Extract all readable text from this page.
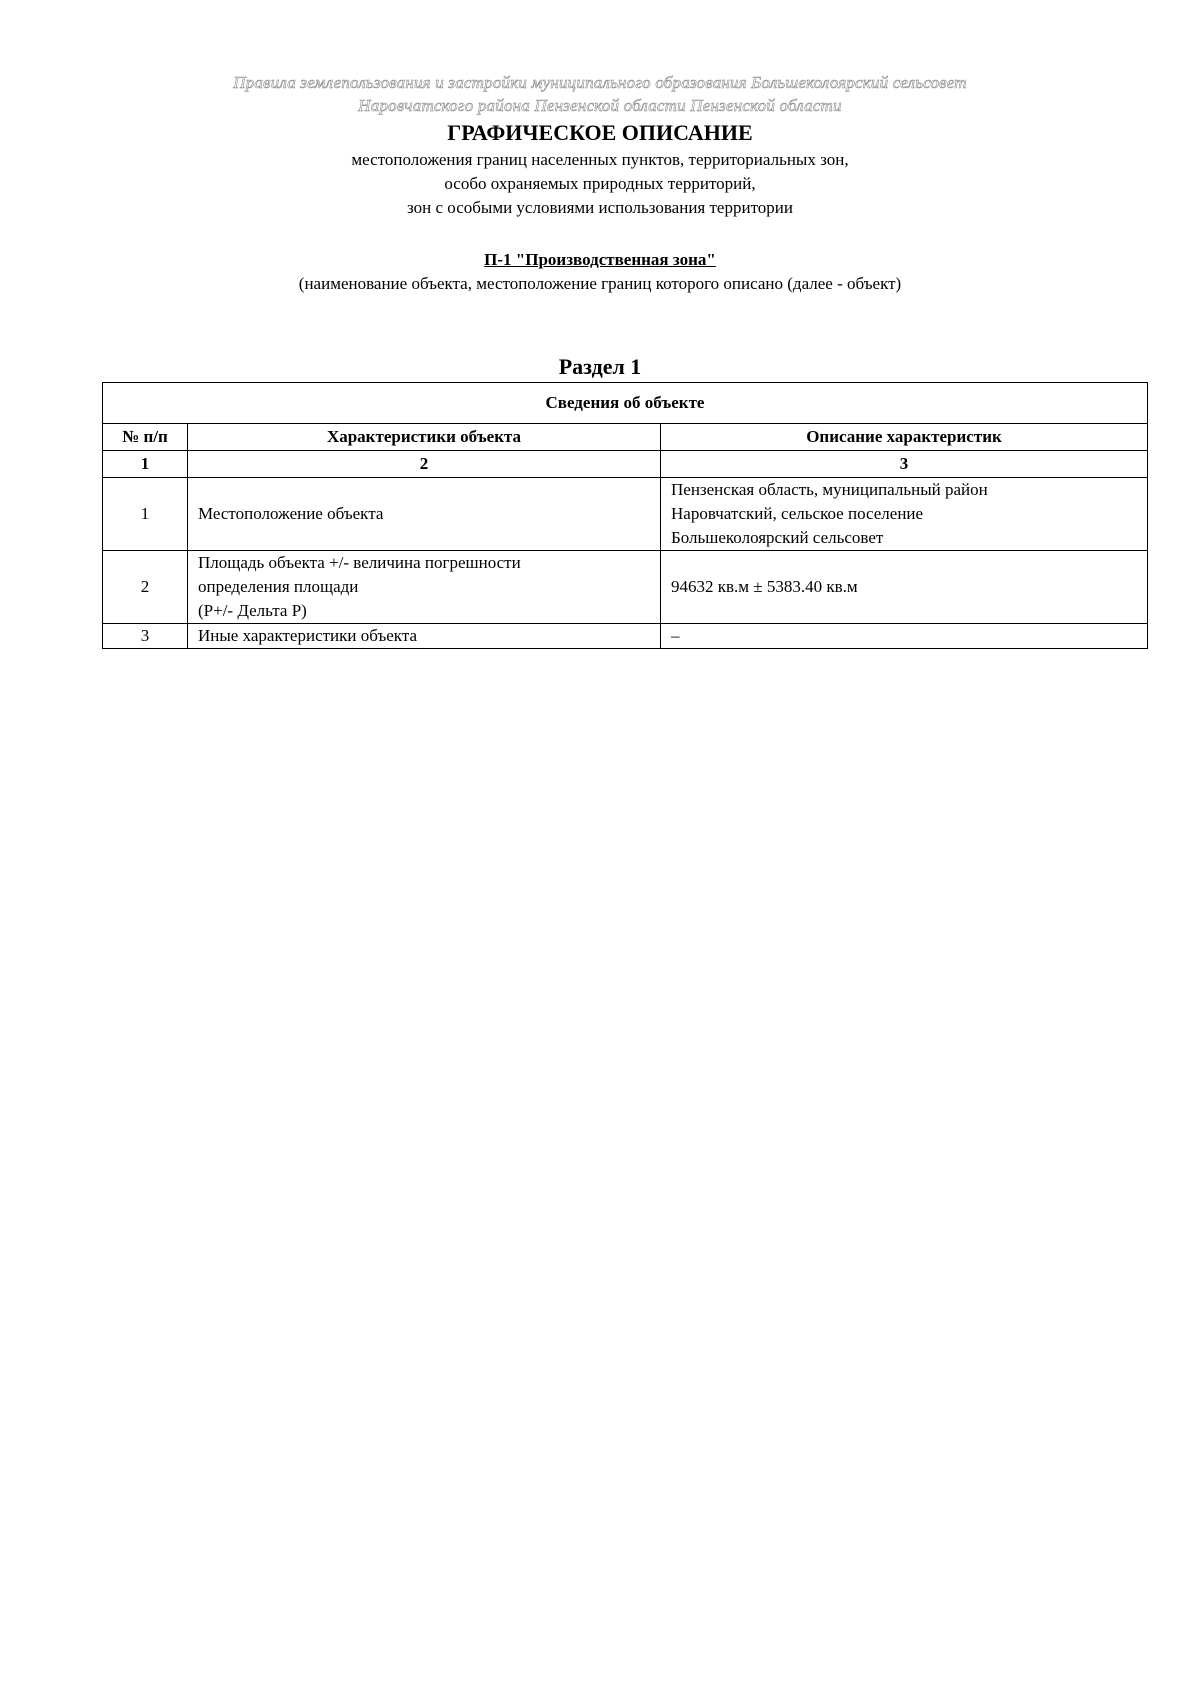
Правила землепользования и застройки муниципального образования Большеколоярский сельсовет
Наровчатского района Пензенской области Пензенской области
ГРАФИЧЕСКОЕ ОПИСАНИЕ
местоположения границ населенных пунктов, территориальных зон,
особо охраняемых природных территорий,
зон с особыми условиями использования территории
П-1 "Производственная зона"
(наименование объекта, местоположение границ которого описано (далее - объект)
Раздел 1
Сведения об объекте		
№ п/п	Характеристики объекта	Описание характеристик
1	2	3
1	Местоположение объекта	Пензенская область, муниципальный район
Наровчатский, сельское поселение
Большеколоярский сельсовет

2	Площадь объекта +/- величина погрешности
определения площади
(Р+/- Дельта Р)	94632 кв.м ± 5383.40 кв.м

3	Иные характеристики объекта	–
